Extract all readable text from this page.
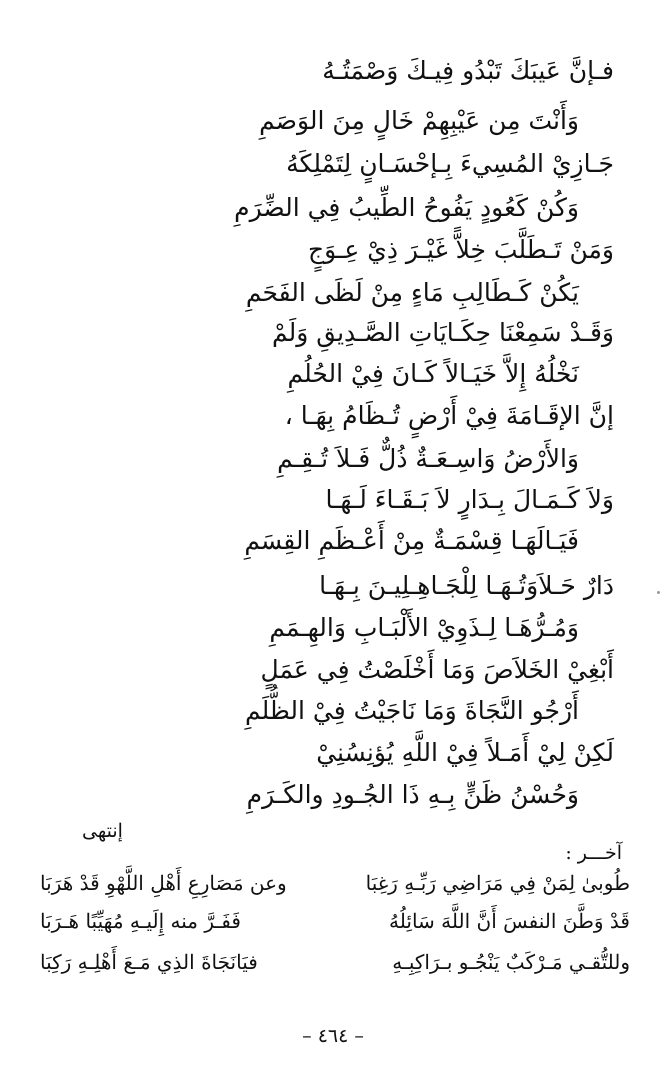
فـإنَّ عَيبَكَ تَبْدُو فِيـكَ وَصْمَتُـهُ
وَأَنْتَ مِن عَيْبِهِمْ خَالٍ مِنَ الوَصَمِ
جَـازِيْ المُسِيءَ بِـإحْسَـانٍ لِتَمْلِكَهُ
وَكُنْ كَعُودٍ يَفُوحُ الطِّيبُ فِي الضِّرَمِ
وَمَنْ تَـطَلَّبَ خِلاًّ غَيْـرَ ذِيْ عِـوَجٍ
يَكُنْ كَـطَالِبِ مَاءٍ مِنْ لَظَى الفَحَمِ
وَقَـدْ سَمِعْنَا حِكَـايَاتِ الصَّـدِيقِ وَلَمْ
نَخْلُهُ إِلاَّ خَيَـالاً كَـانَ فِيْ الحُلُمِ
إنَّ الإقَـامَةَ فِيْ أَرْضٍ تُـظَامُ بِهَـا ،
وَالأَرْضُ وَاسِـعَـةٌ ذُلٌّ فَـلاَ تُـقِـمِ
وَلاَ كَـمَـالَ بِـدَارٍ لاَ بَـقَـاءَ لَـهَـا
فَيَـالَهَـا قِسْمَـةٌ مِنْ أَعْـظَمِ القِسَمِ
دَارٌ حَـلاَوَتُـهَـا لِلْجَـاهِـلِيـنَ بِـهَـا
وَمُـرُّهَـا لِـذَوِيْ الأَلْبَـابِ وَالهِـمَمِ
أَبْغِيْ الخَلاَصَ وَمَا أَخْلَصْتُ فِي عَمَلٍ
أَرْجُو النَّجَاةَ وَمَا نَاجَيْتُ فِيْ الظُّلَمِ
لَكِنْ لِيْ أَمَـلاً فِيْ اللَّهِ يُؤنِسُنِيْ
وَحُسْنُ ظَنٍّ بِـهِ ذَا الجُـودِ والكَـرَمِ
إنتهى
آخـــر :
طُوبىٰ لِمَنْ فِي مَرَاضِي رَبِّـهِ رَغِبَا
وعن مَصَارِعِ أَهْلِ اللَّهْوِ قَدْ هَرَبَا
قَدْ وَطَّنَ النفسَ أَنَّ اللَّهَ سَائِلُهُ
فَفَـرَّ منه إِلَيـهِ مُهَيِّبًا هَـرَبَا
وللتُّقـي مَـرْكَبٌ يَنْجُـو بـرَاكِبِـهِ
فيَانَجَاةَ الذِي مَـعَ أَهْلِـهِ رَكِبَا
– ٤٦٤ –
